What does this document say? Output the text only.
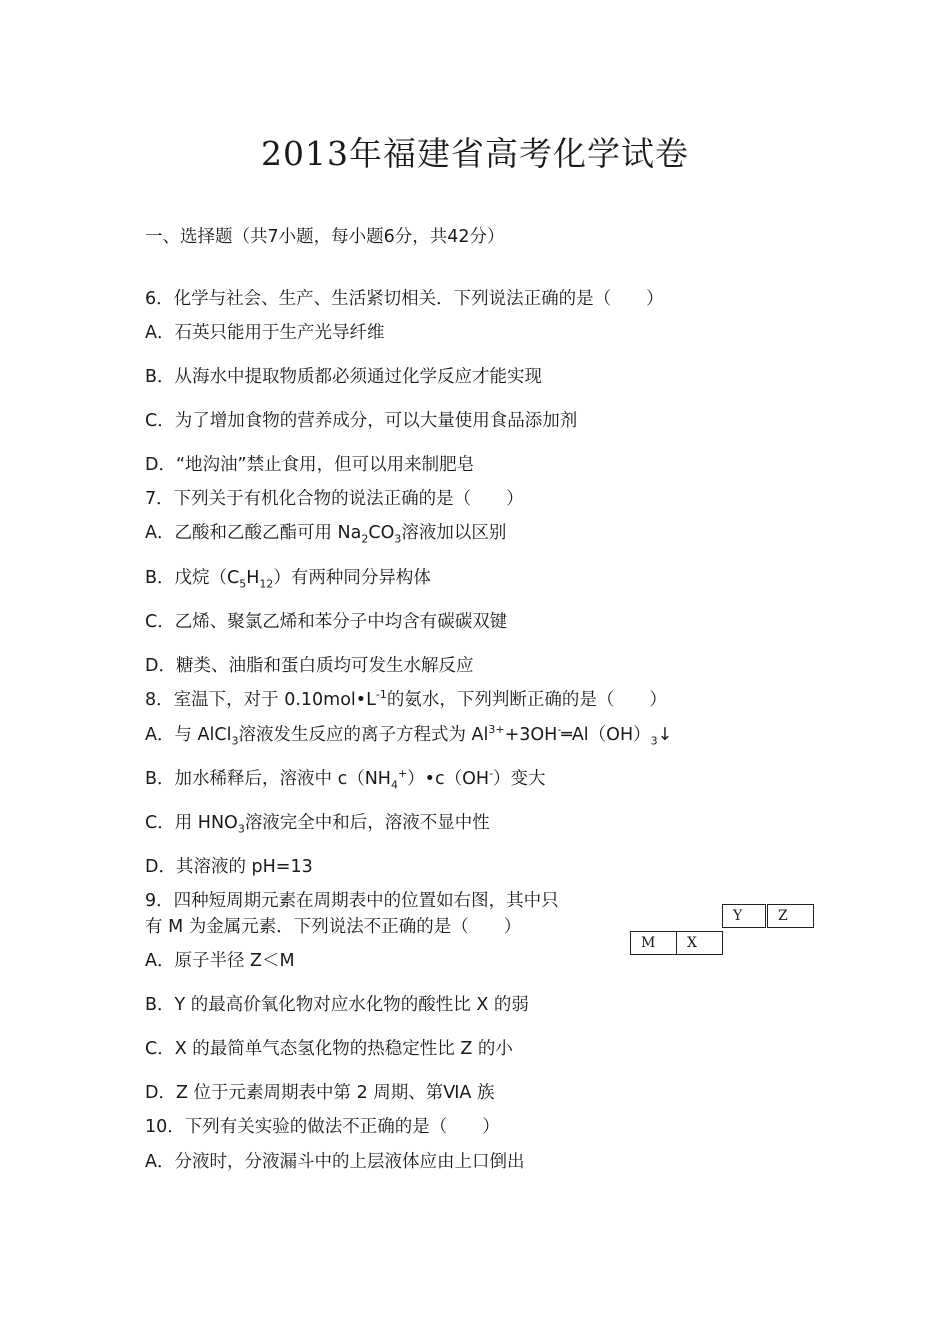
2013年福建省高考化学试卷
一、选择题（共7小题，每小题6分，共42分）
6．化学与社会、生产、生活紧切相关．下列说法正确的是（　　）
A．石英只能用于生产光导纤维
B．从海水中提取物质都必须通过化学反应才能实现
C．为了增加食物的营养成分，可以大量使用食品添加剂
D．“地沟油”禁止食用，但可以用来制肥皂
7．下列关于有机化合物的说法正确的是（　　）
A．乙酸和乙酸乙酯可用 $Na_2CO_3$溶液加以区别
B．戊烷$(C_5H_{12})$有两种同分异构体
C．乙烯、聚氯乙烯和苯分子中均含有碳碳双键
D．糖类、油脂和蛋白质均可发生水解反应
8．室温下，对于 $0.10mol•L^{-1}$的氨水，下列判断正确的是（　　）
A．与 AlCl$_3$溶液发生反应的离子方程式为 $Al^{3+}+3OH^-═Al(OH)_3↓$
B．加水稀释后，溶液中 $c(NH_4^+)•c(OH^-)$变大
C．用 $HNO_3$溶液完全中和后，溶液不显中性
D．其溶液的 pH=13
9．四种短周期元素在周期表中的位置如右图，其中只
有 M 为金属元素．下列说法不正确的是（　　）
Y	Z
M	X
A．原子半径 Z＜M
B．Y 的最高价氧化物对应水化物的酸性比 X 的弱
C．X 的最简单气态氢化物的热稳定性比 Z 的小
D．Z 位于元素周期表中第 2 周期、第ⅥA 族
10．下列有关实验的做法不正确的是（　　）
A．分液时，分液漏斗中的上层液体应由上口倒出
